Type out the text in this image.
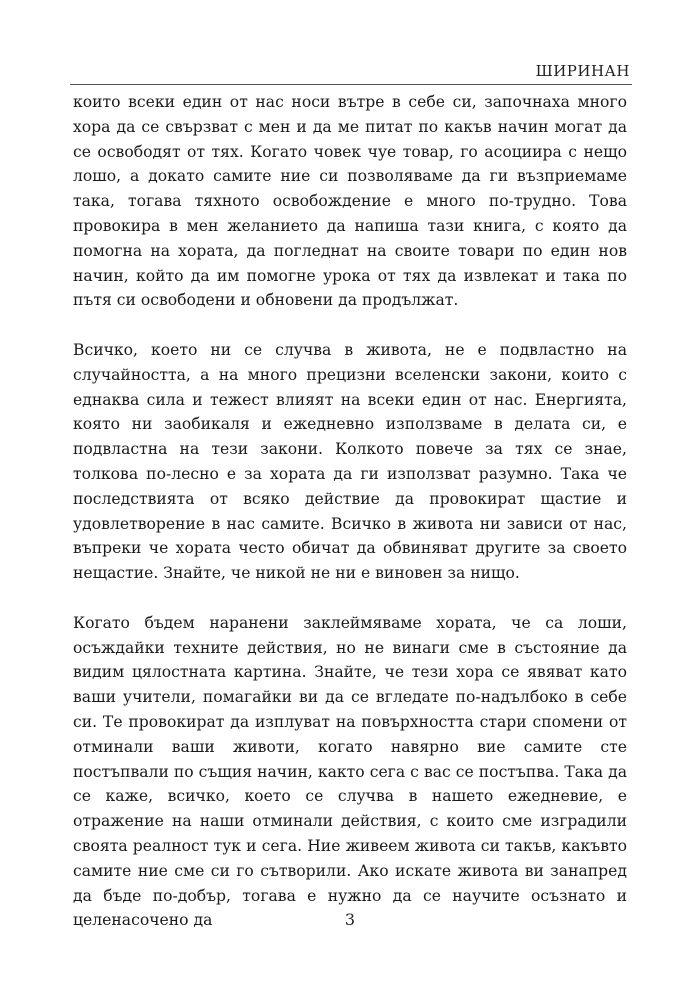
ШИРИНАН

които всеки един от нас носи вътре в себе си, започнаха много хора да се свързват с мен и да ме питат по какъв начин могат да се освободят от тях. Когато човек чуе товар, го асоциира с нещо лошо, а докато самите ние си позволяваме да ги възприемаме така, тогава тяхното освобождение е много по-трудно. Това провокира в мен желанието да напиша тази книга, с която да помогна на хората, да погледнат на своите товари по един нов начин, който да им помогне урока от тях да извлекат и така по пътя си освободени и обновени да продължат.

Всичко, което ни се случва в живота, не е подвластно на случайността, а на много прецизни вселенски закони, които с еднаква сила и тежест влияят на всеки един от нас. Енергията, която ни заобикаля и ежедневно използваме в делата си, е подвластна на тези закони. Колкото повече за тях се знае, толкова по-лесно е за хората да ги използват разумно. Така че последствията от всяко действие да провокират щастие и удовлетворение в нас самите. Всичко в живота ни зависи от нас, въпреки че хората често обичат да обвиняват другите за своето нещастие. Знайте, че никой не ни е виновен за нищо.

Когато бъдем наранени заклеймяваме хората, че са лоши, осъждайки техните действия, но не винаги сме в състояние да видим цялостната картина. Знайте, че тези хора се явяват като ваши учители, помагайки ви да се вгледате по-надълбоко в себе си. Те провокират да изплуват на повърхността стари спомени от отминали ваши животи, когато навярно вие самите сте постъпвали по същия начин, както сега с вас се постъпва. Така да се каже, всичко, което се случва в нашето ежедневие, е отражение на наши отминали действия, с които сме изградили своята реалност тук и сега. Ние живеем живота си такъв, какъвто самите ние сме си го сътворили. Ако искате живота ви занапред да бъде по-добър, тогава е нужно да се научите осъзнато и целенасочено да	3
